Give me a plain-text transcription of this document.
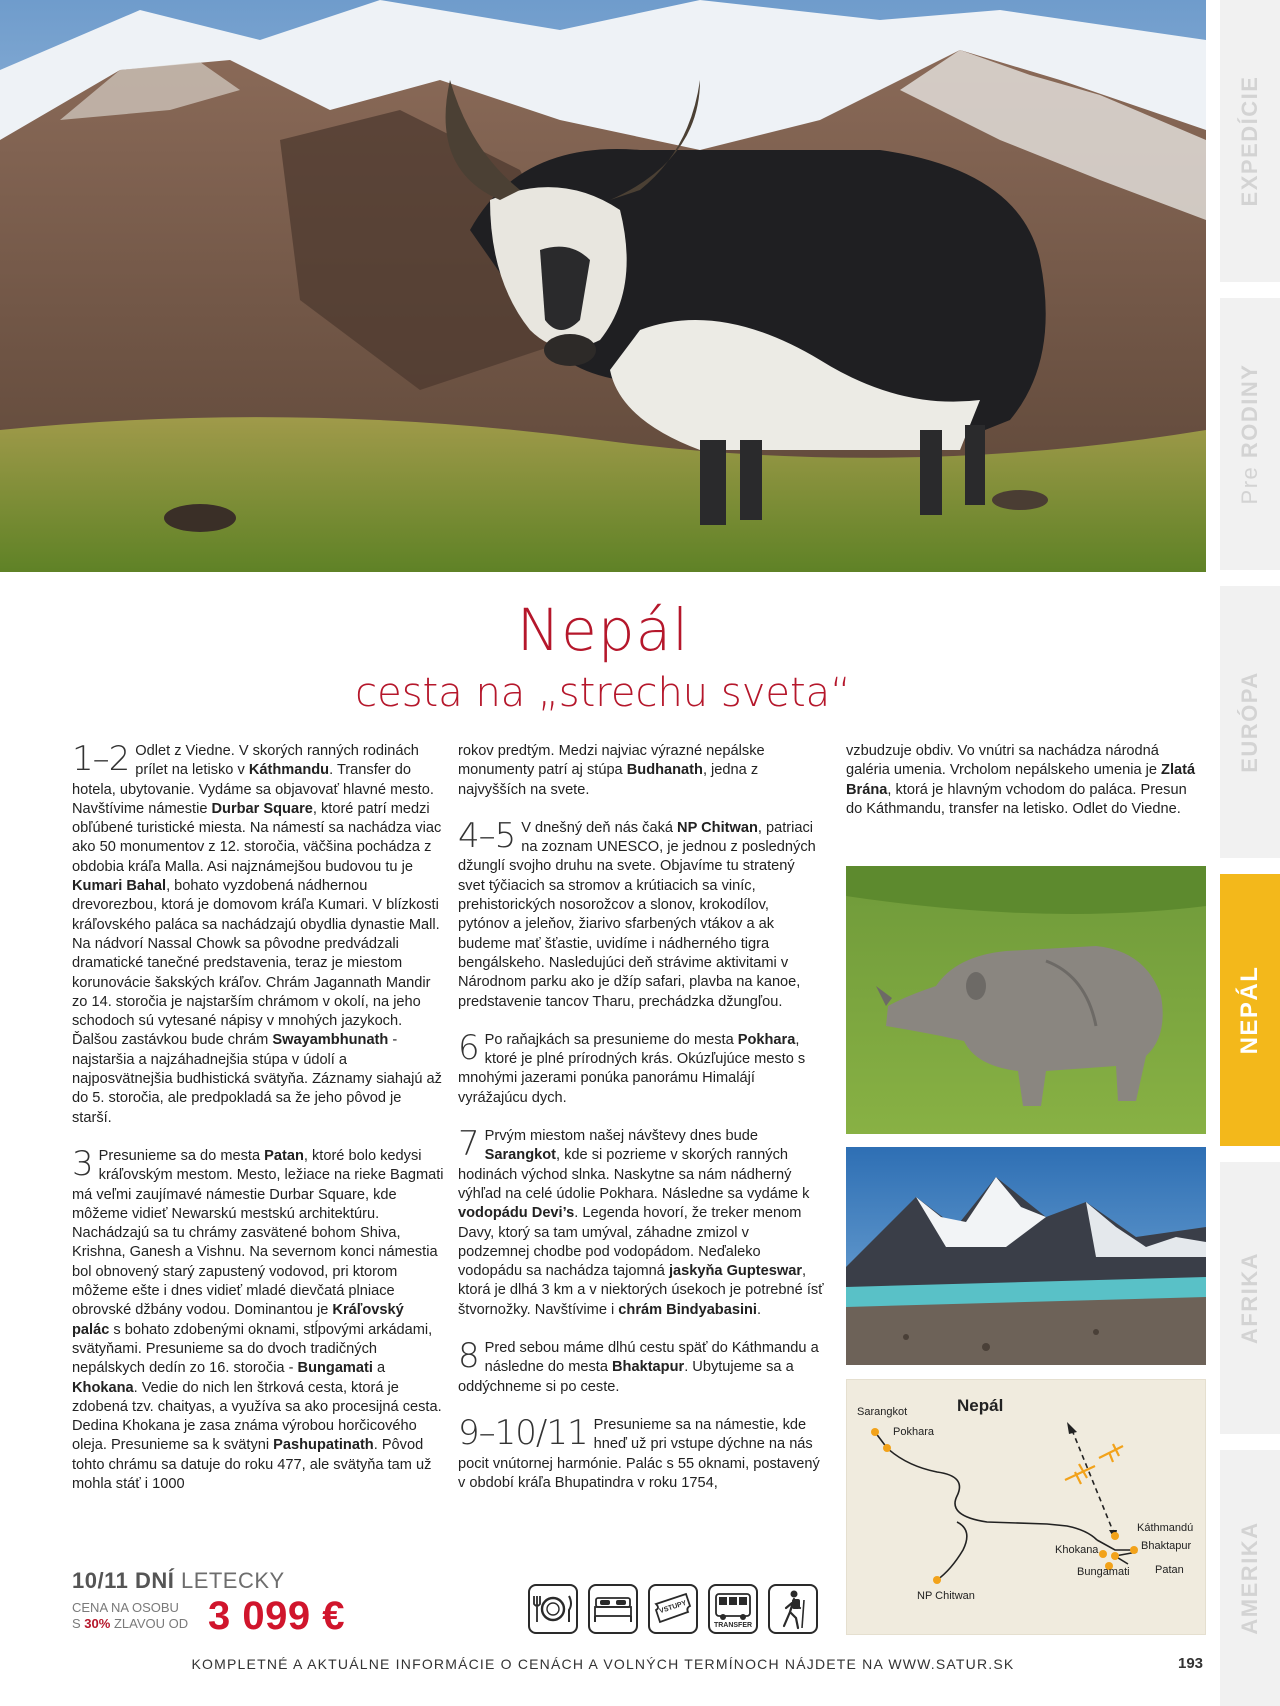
EXPEDÍCIE
Pre RODINY
EURÓPA
NEPÁL
AFRIKA
AMERIKA
Nepál
cesta na „strechu sveta“
1–2 Odlet z Viedne. V skorých ranných rodinách prílet na letisko v Káthmandu. Transfer do hotela, ubytovanie. Vydáme sa objavovať hlavné mesto. Navštívime námestie Durbar Square, ktoré patrí medzi obľúbené turistické miesta. Na námestí sa nachádza viac ako 50 monumentov z 12. storočia, väčšina pochádza z obdobia kráľa Malla. Asi najznámejšou budovou tu je Kumari Bahal, bohato vyzdobená nádhernou drevorezbou, ktorá je domovom kráľa Kumari. V blízkosti kráľovského paláca sa nachádzajú obydlia dynastie Mall. Na nádvorí Nassal Chowk sa pôvodne predvádzali dramatické tanečné predstavenia, teraz je miestom korunovácie šakských kráľov. Chrám Jagannath Mandir zo 14. storočia je najstarším chrámom v okolí, na jeho schodoch sú vytesané nápisy v mnohých jazykoch. Ďalšou zastávkou bude chrám Swayambhunath - najstaršia a najzáhadnejšia stúpa v údolí a najposvätnejšia budhistická svätyňa. Záznamy siahajú až do 5. storočia, ale predpokladá sa že jeho pôvod je starší.
3 Presunieme sa do mesta Patan, ktoré bolo kedysi kráľovským mestom. Mesto, ležiace na rieke Bagmati má veľmi zaujímavé námestie Durbar Square, kde môžeme vidieť Newarskú mestskú architektúru. Nachádzajú sa tu chrámy zasvätené bohom Shiva, Krishna, Ganesh a Vishnu. Na severnom konci námestia bol obnovený starý zapustený vodovod, pri ktorom môžeme ešte i dnes vidieť mladé dievčatá plniace obrovské džbány vodou. Dominantou je Kráľovský palác s bohato zdobenými oknami, stĺpovými arkádami, svätyňami. Presunieme sa do dvoch tradičných nepálskych dedín zo 16. storočia - Bungamati a Khokana. Vedie do nich len štrková cesta, ktorá je zdobená tzv. chaityas, a využíva sa ako procesijná cesta. Dedina Khokana je zasa známa výrobou horčicového oleja. Presunieme sa k svätyni Pashupatinath. Pôvod tohto chrámu sa datuje do roku 477, ale svätyňa tam už mohla stáť i 1000
rokov predtým. Medzi najviac výrazné nepálske monumenty patrí aj stúpa Budhanath, jedna z najvyšších na svete.
4–5 V dnešný deň nás čaká NP Chitwan, patriaci na zoznam UNESCO, je jednou z posledných džunglí svojho druhu na svete. Objavíme tu stratený svet týčiacich sa stromov a krútiacich sa viníc, prehistorických nosorožcov a slonov, krokodílov, pytónov a jeleňov, žiarivo sfarbených vtákov a ak budeme mať šťastie, uvidíme i nádherného tigra bengálskeho. Nasledujúci deň strávime aktivitami v Národnom parku ako je džíp safari, plavba na kanoe, predstavenie tancov Tharu, prechádzka džungľou.
6 Po raňajkách sa presunieme do mesta Pokhara, ktoré je plné prírodných krás. Okúzľujúce mesto s mnohými jazerami ponúka panorámu Himalájí vyrážajúcu dych.
7 Prvým miestom našej návštevy dnes bude Sarangkot, kde si pozrieme v skorých ranných hodinách východ slnka. Naskytne sa nám nádherný výhľad na celé údolie Pokhara. Následne sa vydáme k vodopádu Devi’s. Legenda hovorí, že treker menom Davy, ktorý sa tam umýval, záhadne zmizol v podzemnej chodbe pod vodopádom. Neďaleko vodopádu sa nachádza tajomná jaskyňa Gupteswar, ktorá je dlhá 3 km a v niektorých úsekoch je potrebné ísť štvornožky. Navštívime i chrám Bindyabasini.
8 Pred sebou máme dlhú cestu späť do Káthmandu a následne do mesta Bhaktapur. Ubytujeme sa a oddýchneme si po ceste.
9–10/11 Presunieme sa na námestie, kde hneď už pri vstupe dýchne na nás pocit vnútornej harmónie. Palác s 55 oknami, postavený v období kráľa Bhupatindra v roku 1754,
vzbudzuje obdiv. Vo vnútri sa nachádza národná galéria umenia. Vrcholom nepálskeho umenia je Zlatá Brána, ktorá je hlavným vchodom do paláca. Presun do Káthmandu, transfer na letisko. Odlet do Viedne.
Nepál
Sarangkot
Pokhara
Káthmandú
Bhaktapur
Khokana
Bungamati Patan
NP Chitwan
10/11 DNÍ LETECKY
CENA NA OSOBU
S 30% ZLAVOU OD 3 099 €	VSTUPY
TRANSFER
KOMPLETNÉ A AKTUÁLNE INFORMÁCIE O CENÁCH A VOLNÝCH TERMÍNOCH NÁJDETE NA WWW.SATUR.SK	193
